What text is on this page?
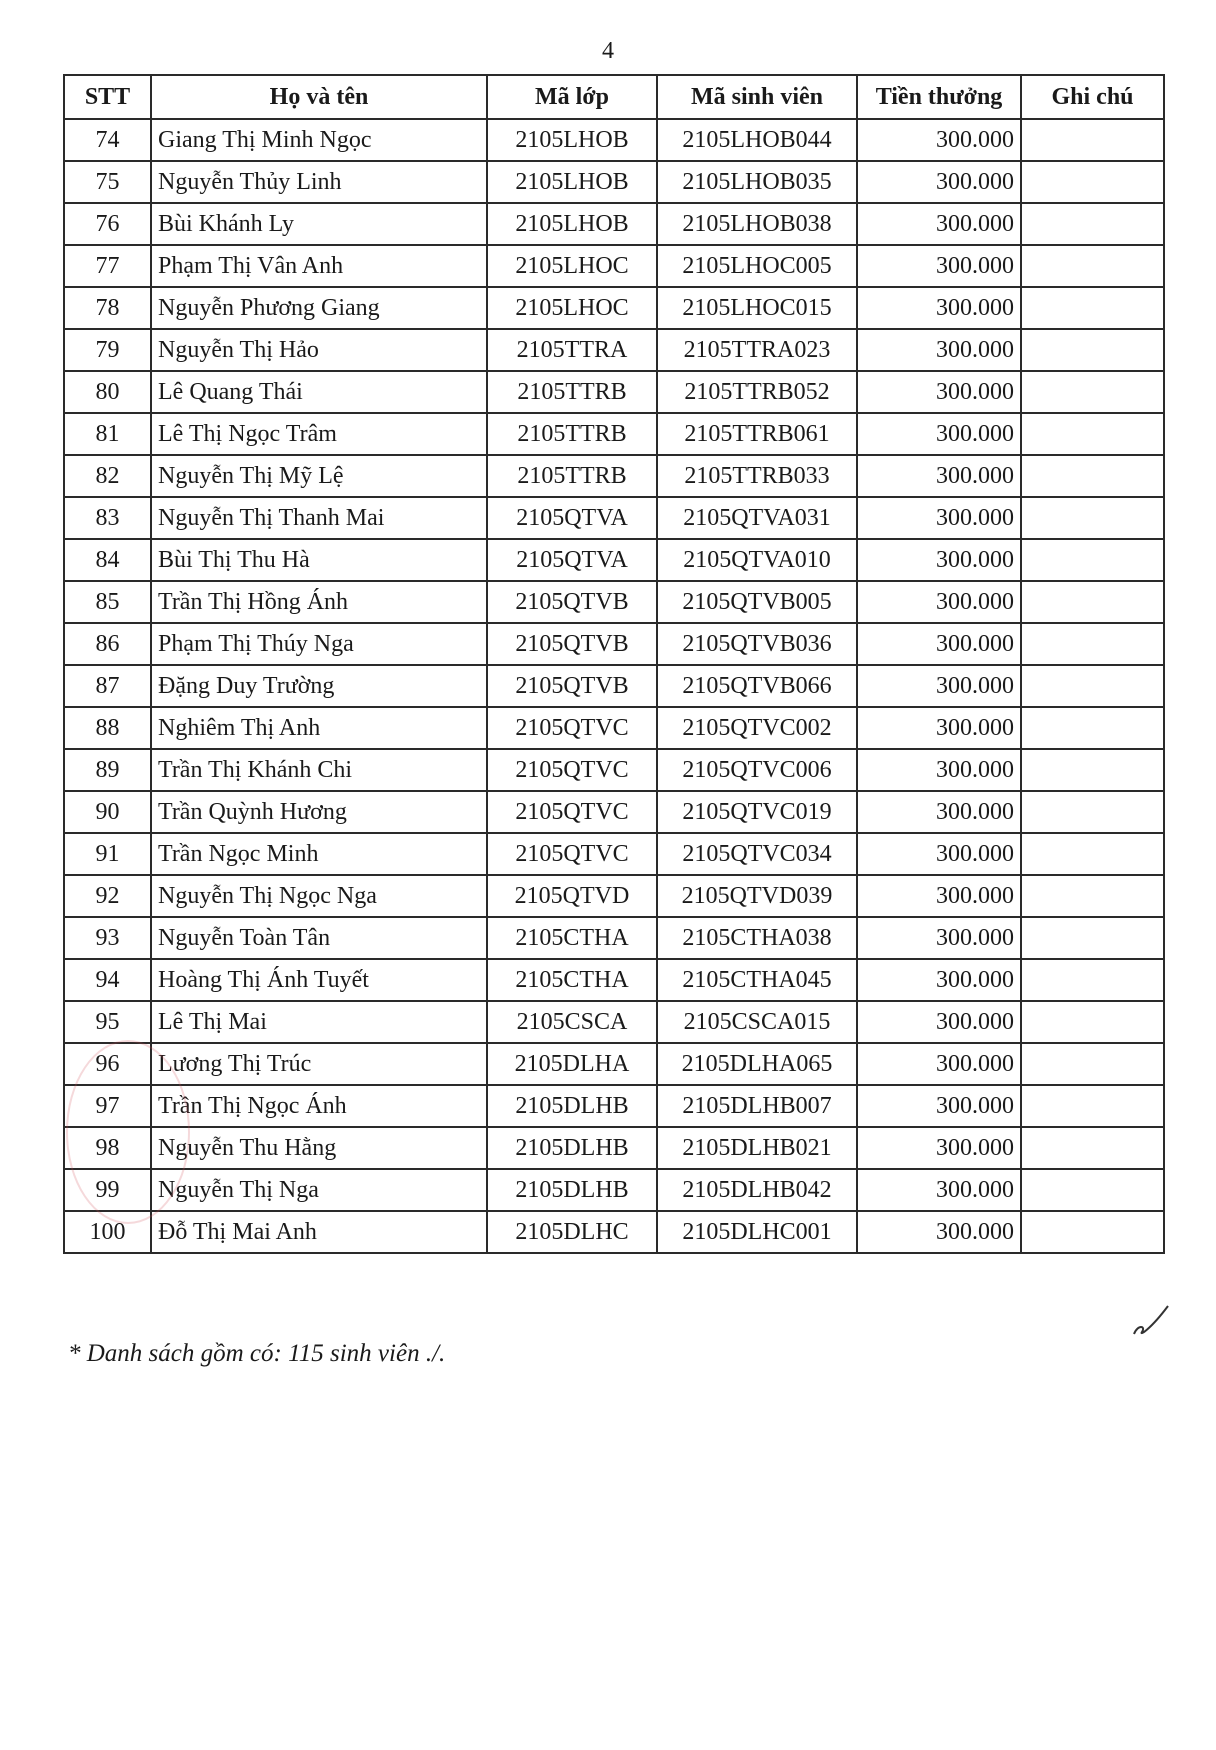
4
STT	Họ và tên	Mã lớp	Mã sinh viên	Tiền thưởng	Ghi chú
74	Giang Thị Minh Ngọc	2105LHOB	2105LHOB044	300.000	
75	Nguyễn Thủy Linh	2105LHOB	2105LHOB035	300.000	
76	Bùi Khánh Ly	2105LHOB	2105LHOB038	300.000	
77	Phạm Thị Vân Anh	2105LHOC	2105LHOC005	300.000	
78	Nguyễn Phương Giang	2105LHOC	2105LHOC015	300.000	
79	Nguyễn Thị Hảo	2105TTRA	2105TTRA023	300.000	
80	Lê Quang Thái	2105TTRB	2105TTRB052	300.000	
81	Lê Thị Ngọc Trâm	2105TTRB	2105TTRB061	300.000	
82	Nguyễn Thị Mỹ Lệ	2105TTRB	2105TTRB033	300.000	
83	Nguyễn Thị Thanh Mai	2105QTVA	2105QTVA031	300.000	
84	Bùi Thị Thu Hà	2105QTVA	2105QTVA010	300.000	
85	Trần Thị Hồng Ánh	2105QTVB	2105QTVB005	300.000	
86	Phạm Thị Thúy Nga	2105QTVB	2105QTVB036	300.000	
87	Đặng Duy Trường	2105QTVB	2105QTVB066	300.000	
88	Nghiêm Thị Anh	2105QTVC	2105QTVC002	300.000	
89	Trần Thị Khánh Chi	2105QTVC	2105QTVC006	300.000	
90	Trần Quỳnh Hương	2105QTVC	2105QTVC019	300.000	
91	Trần Ngọc Minh	2105QTVC	2105QTVC034	300.000	
92	Nguyễn Thị Ngọc Nga	2105QTVD	2105QTVD039	300.000	
93	Nguyễn Toàn Tân	2105CTHA	2105CTHA038	300.000	
94	Hoàng Thị Ánh Tuyết	2105CTHA	2105CTHA045	300.000	
95	Lê Thị Mai	2105CSCA	2105CSCA015	300.000	
96	Lương Thị Trúc	2105DLHA	2105DLHA065	300.000	
97	Trần Thị Ngọc Ánh	2105DLHB	2105DLHB007	300.000	
98	Nguyễn Thu Hằng	2105DLHB	2105DLHB021	300.000	
99	Nguyễn Thị Nga	2105DLHB	2105DLHB042	300.000	
100	Đỗ Thị Mai Anh	2105DLHC	2105DLHC001	300.000	
* Danh sách gồm có: 115 sinh viên ./.
